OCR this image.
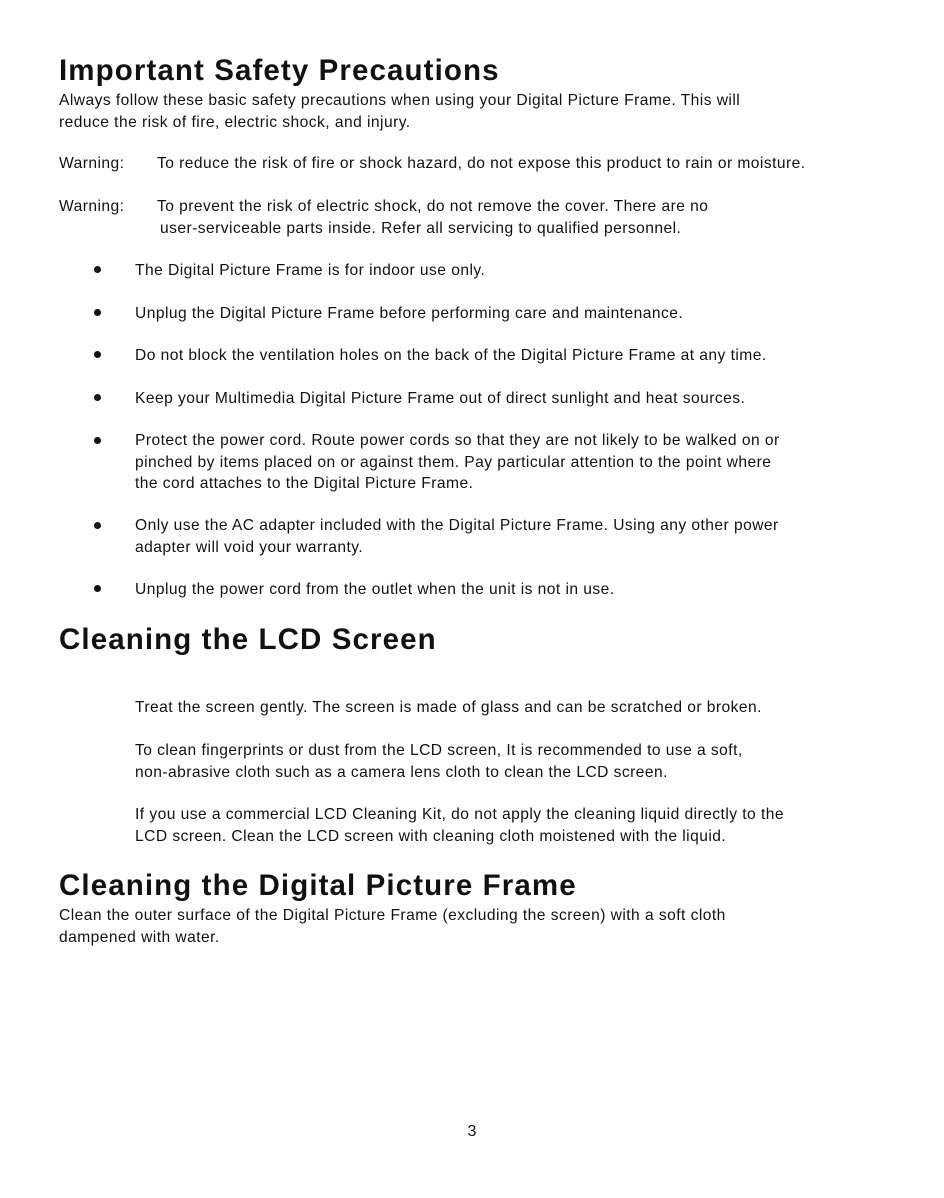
Important Safety Precautions
Always follow these basic safety precautions when using your Digital Picture Frame. This will
reduce the risk of fire, electric shock, and injury.
Warning: To reduce the risk of fire or shock hazard, do not expose this product to rain or moisture.
Warning: To prevent the risk of electric shock, do not remove the cover. There are no
user-serviceable parts inside. Refer all servicing to qualified personnel.
The Digital Picture Frame is for indoor use only.
Unplug the Digital Picture Frame before performing care and maintenance.
Do not block the ventilation holes on the back of the Digital Picture Frame at any time.
Keep your Multimedia Digital Picture Frame out of direct sunlight and heat sources.
Protect the power cord. Route power cords so that they are not likely to be walked on or
pinched by items placed on or against them. Pay particular attention to the point where
the cord attaches to the Digital Picture Frame.
Only use the AC adapter included with the Digital Picture Frame. Using any other power
adapter will void your warranty.
Unplug the power cord from the outlet when the unit is not in use.
Cleaning the LCD Screen
Treat the screen gently. The screen is made of glass and can be scratched or broken.
To clean fingerprints or dust from the LCD screen, It is recommended to use a soft,
non-abrasive cloth such as a camera lens cloth to clean the LCD screen.
If you use a commercial LCD Cleaning Kit, do not apply the cleaning liquid directly to the
LCD screen. Clean the LCD screen with cleaning cloth moistened with the liquid.
Cleaning the Digital Picture Frame
Clean the outer surface of the Digital Picture Frame (excluding the screen) with a soft cloth
dampened with water.
3
